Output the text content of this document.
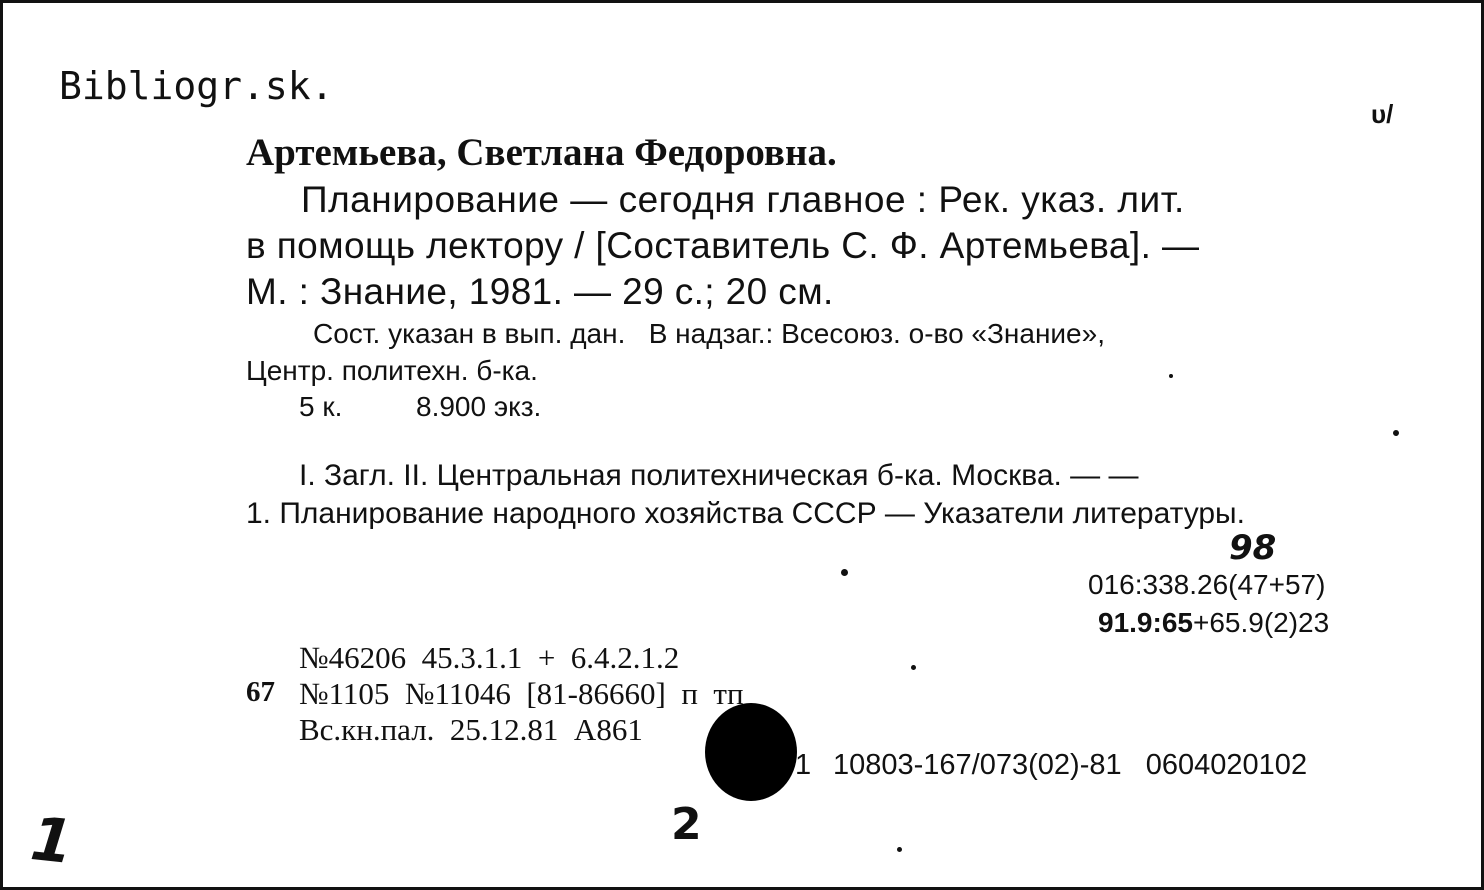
Bibliogr.sk.
υ/
Артемьева, Светлана Федоровна.
Планирование — сегодня главное : Рек. указ. лит.
в помощь лектору / [Составитель С. Ф. Артемьева]. —
М. : Знание, 1981. — 29 с.; 20 см.
Сост. указан в вып. дан.   В надзаг.: Всесоюз. о-во «Знание»,
Центр. политехн. б-ка.
5 к.	8.900 экз.
I. Загл. II. Центральная политехническая б-ка. Москва. — —
1. Планирование народного хозяйства СССР — Указатели литературы.
98
016:338.26(47+57)
91.9:65+65.9(2)23
№46206  45.3.1.1  +  6.4.2.1.2
67 №1105  №11046  [81-86660]  п  тп
Вс.кн.пал.  25.12.81  А861
1 10803-167/073(02)-81   0604020102
1	2
